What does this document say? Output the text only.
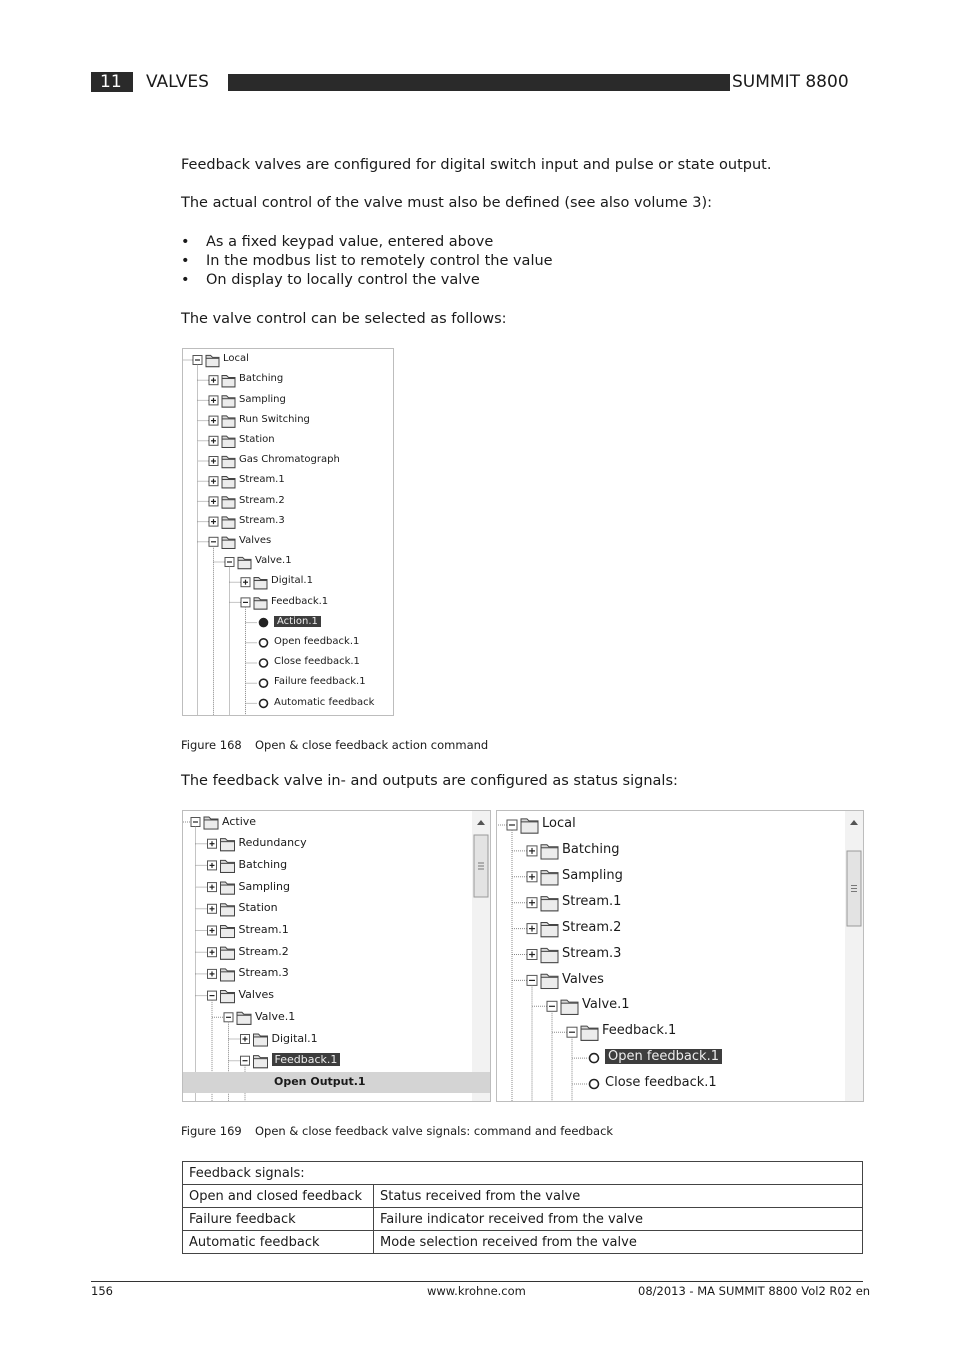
11	VALVES	SUMMIT 8800
Feedback valves are configured for digital switch input and pulse or state output.
The actual control of the valve must also be defined (see also volume 3):
• As a fixed keypad value, entered above
• In the modbus list to remotely control the value
• On display to locally control the valve
The valve control can be selected as follows:
Local
Batching
Sampling
Run Switching
Station
Gas Chromatograph
Stream.1
Stream.2
Stream.3
Valves
Valve.1
Digital.1
Feedback.1
Action.1
Open feedback.1
Close feedback.1
Failure feedback.1
Automatic feedback
Figure 168 Open & close feedback action command
The feedback valve in- and outputs are configured as status signals:
Active
Redundancy
Batching
Sampling
Station
Stream.1
Stream.2
Stream.3
Valves
Valve.1
Digital.1
Feedback.1
Open Output.1
Local
Batching
Sampling
Stream.1
Stream.2
Stream.3
Valves
Valve.1
Feedback.1
Open feedback.1
Close feedback.1
Figure 169 Open & close feedback valve signals: command and feedback
Feedback signals:	
Open and closed feedback	Status received from the valve
Failure feedback	Failure indicator received from the valve
Automatic feedback	Mode selection received from the valve
156	www.krohne.com	08/2013 - MA SUMMIT 8800 Vol2 R02 en
